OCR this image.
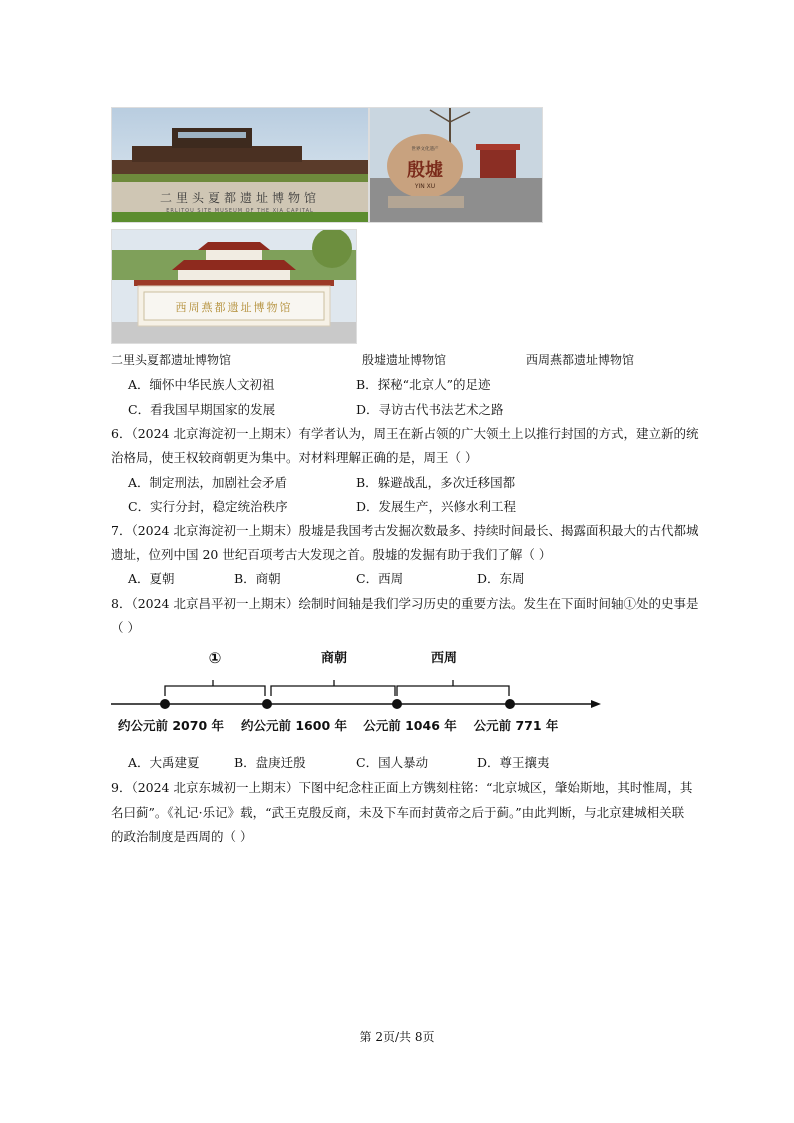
二里头夏都遗址博物馆
ERLITOU SITE MUSEUM OF THE XIA CAPITAL
世界文化遗产
殷墟
YIN XU
西周燕都遗址博物馆
二里头夏都遗址博物馆	殷墟遗址博物馆	西周燕都遗址博物馆
A．缅怀中华民族人文初祖	B．探秘“北京人”的足迹
C．看我国早期国家的发展	D．寻访古代书法艺术之路
6．（2024 北京海淀初一上期末）有学者认为，周王在新占领的广大领土上以推行封国的方式，建立新的统
治格局，使王权较商朝更为集中。对材料理解正确的是，周王（ ）
A．制定刑法，加剧社会矛盾	B．躲避战乱，多次迁移国都
C．实行分封，稳定统治秩序	D．发展生产，兴修水利工程
7．（2024 北京海淀初一上期末）殷墟是我国考古发掘次数最多、持续时间最长、揭露面积最大的古代都城
遗址，位列中国 20 世纪百项考古大发现之首。殷墟的发掘有助于我们了解（ ）
A．夏朝	B．商朝	C．西周	D．东周
8．（2024 北京昌平初一上期末）绘制时间轴是我们学习历史的重要方法。发生在下面时间轴①处的史事是
（ ）
①	商朝	西周
约公元前 2070 年 约公元前 1600 年 公元前 1046 年 公元前 771 年
A．大禹建夏	B．盘庚迁殷	C．国人暴动	D．尊王攘夷
9．（2024 北京东城初一上期末）下图中纪念柱正面上方镌刻柱铭：“北京城区，肇始斯地，其时惟周，其
名曰蓟”。《礼记·乐记》载，“武王克殷反商，未及下车而封黄帝之后于蓟。”由此判断，与北京建城相关联
的政治制度是西周的（ ）
第 2页/共 8页
